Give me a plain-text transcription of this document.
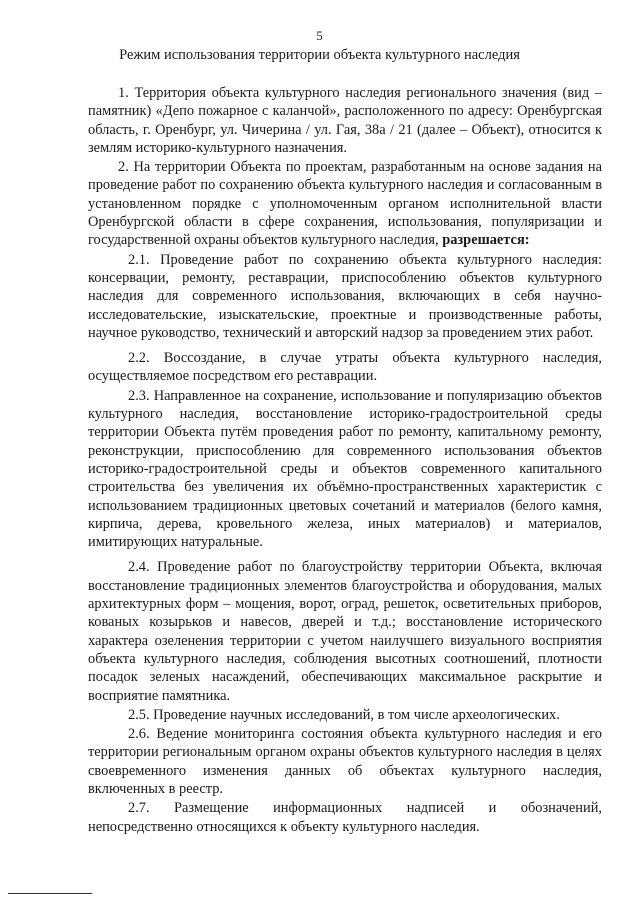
5
Режим использования территории объекта культурного наследия

1. Территория объекта культурного наследия регионального значения (вид – памятник) «Депо пожарное с каланчой», расположенного по адресу: Оренбургская область, г. Оренбург, ул. Чичерина / ул. Гая, 38а / 21 (далее – Объект), относится к землям историко-культурного назначения.

2. На территории Объекта по проектам, разработанным на основе задания на проведение работ по сохранению объекта культурного наследия и согласованным в установленном порядке с уполномоченным органом исполнительной власти Оренбургской области в сфере сохранения, использования, популяризации и государственной охраны объектов культурного наследия, разрешается:

2.1. Проведение работ по сохранению объекта культурного наследия: консервации, ремонту, реставрации, приспособлению объектов культурного наследия для современного использования, включающих в себя научно-исследовательские, изыскательские, проектные и производственные работы, научное руководство, технический и авторский надзор за проведением этих работ.

2.2. Воссоздание, в случае утраты объекта культурного наследия, осуществляемое посредством его реставрации.

2.3. Направленное на сохранение, использование и популяризацию объектов культурного наследия, восстановление историко-градостроительной среды территории Объекта путём проведения работ по ремонту, капитальному ремонту, реконструкции, приспособлению для современного использования объектов историко-градостроительной среды и объектов современного капитального строительства без увеличения их объёмно-пространственных характеристик с использованием традиционных цветовых сочетаний и материалов (белого камня, кирпича, дерева, кровельного железа, иных материалов) и материалов, имитирующих натуральные.

2.4. Проведение работ по благоустройству территории Объекта, включая восстановление традиционных элементов благоустройства и оборудования, малых архитектурных форм – мощения, ворот, оград, решеток, осветительных приборов, кованых козырьков и навесов, дверей и т.д.; восстановление исторического характера озеленения территории с учетом наилучшего визуального восприятия объекта культурного наследия, соблюдения высотных соотношений, плотности посадок зеленых насаждений, обеспечивающих максимальное раскрытие и восприятие памятника.

2.5. Проведение научных исследований, в том числе археологических.

2.6. Ведение мониторинга состояния объекта культурного наследия и его территории региональным органом охраны объектов культурного наследия в целях своевременного изменения данных об объектах культурного наследия, включенных в реестр.

2.7. Размещение информационных надписей и обозначений, непосредственно относящихся к объекту культурного наследия.
